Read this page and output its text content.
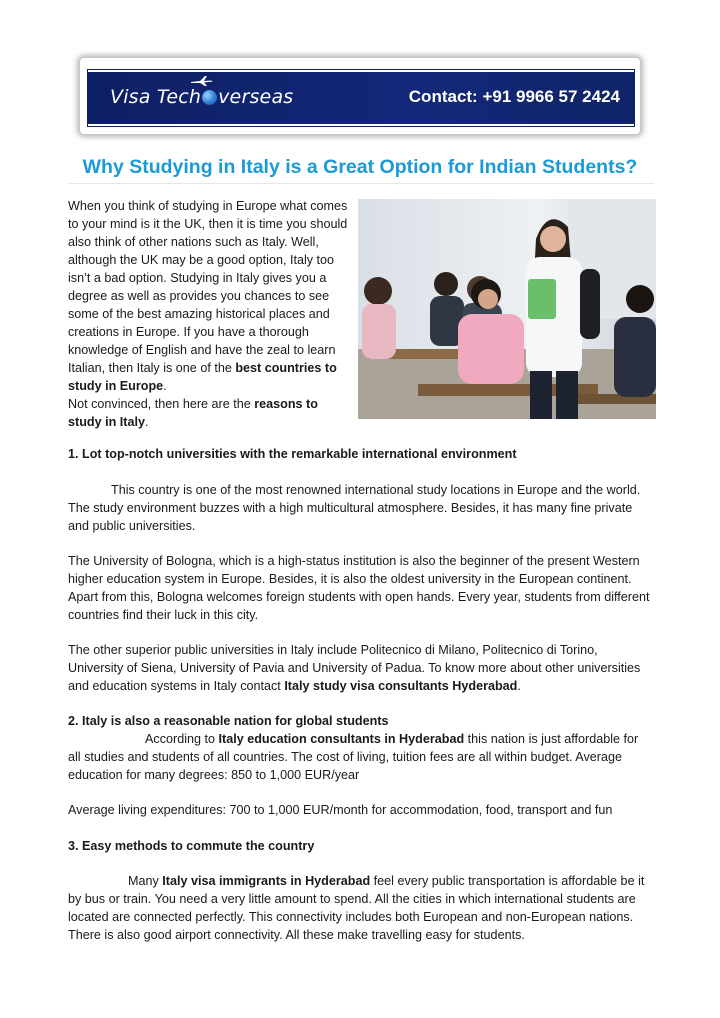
Visa Tech verseas	Contact: +91 9966 57 2424
Why Studying in Italy is a Great Option for Indian Students?

When you think of studying in Europe what comes to your mind is it the UK, then it is time you should also think of other nations such as Italy. Well, although the UK may be a good option, Italy too isn’t a bad option. Studying in Italy gives you a degree as well as provides you chances to see some of the best amazing historical places and creations in Europe. If you have a thorough knowledge of English and have the zeal to learn Italian, then Italy is one of the best countries to study in Europe.
Not convinced, then here are the reasons to study in Italy.

1. Lot top-notch universities with the remarkable international environment

This country is one of the most renowned international study locations in Europe and the world. The study environment buzzes with a high multicultural atmosphere. Besides, it has many fine private and public universities.

The University of Bologna, which is a high-status institution is also the beginner of the present Western higher education system in Europe. Besides, it is also the oldest university in the European continent. Apart from this, Bologna welcomes foreign students with open hands. Every year, students from different countries find their luck in this city.

The other superior public universities in Italy include Politecnico di Milano, Politecnico di Torino, University of Siena, University of Pavia and University of Padua. To know more about other universities and education systems in Italy contact Italy study visa consultants Hyderabad.

2. Italy is also a reasonable nation for global students

According to Italy education consultants in Hyderabad this nation is just affordable for all studies and students of all countries. The cost of living, tuition fees are all within budget. Average education for many degrees: 850 to 1,000 EUR/year

Average living expenditures: 700 to 1,000 EUR/month for accommodation, food, transport and fun

3. Easy methods to commute the country

Many Italy visa immigrants in Hyderabad feel every public transportation is affordable be it by bus or train. You need a very little amount to spend. All the cities in which international students are located are connected perfectly. This connectivity includes both European and non-European nations. There is also good airport connectivity. All these make travelling easy for students.
